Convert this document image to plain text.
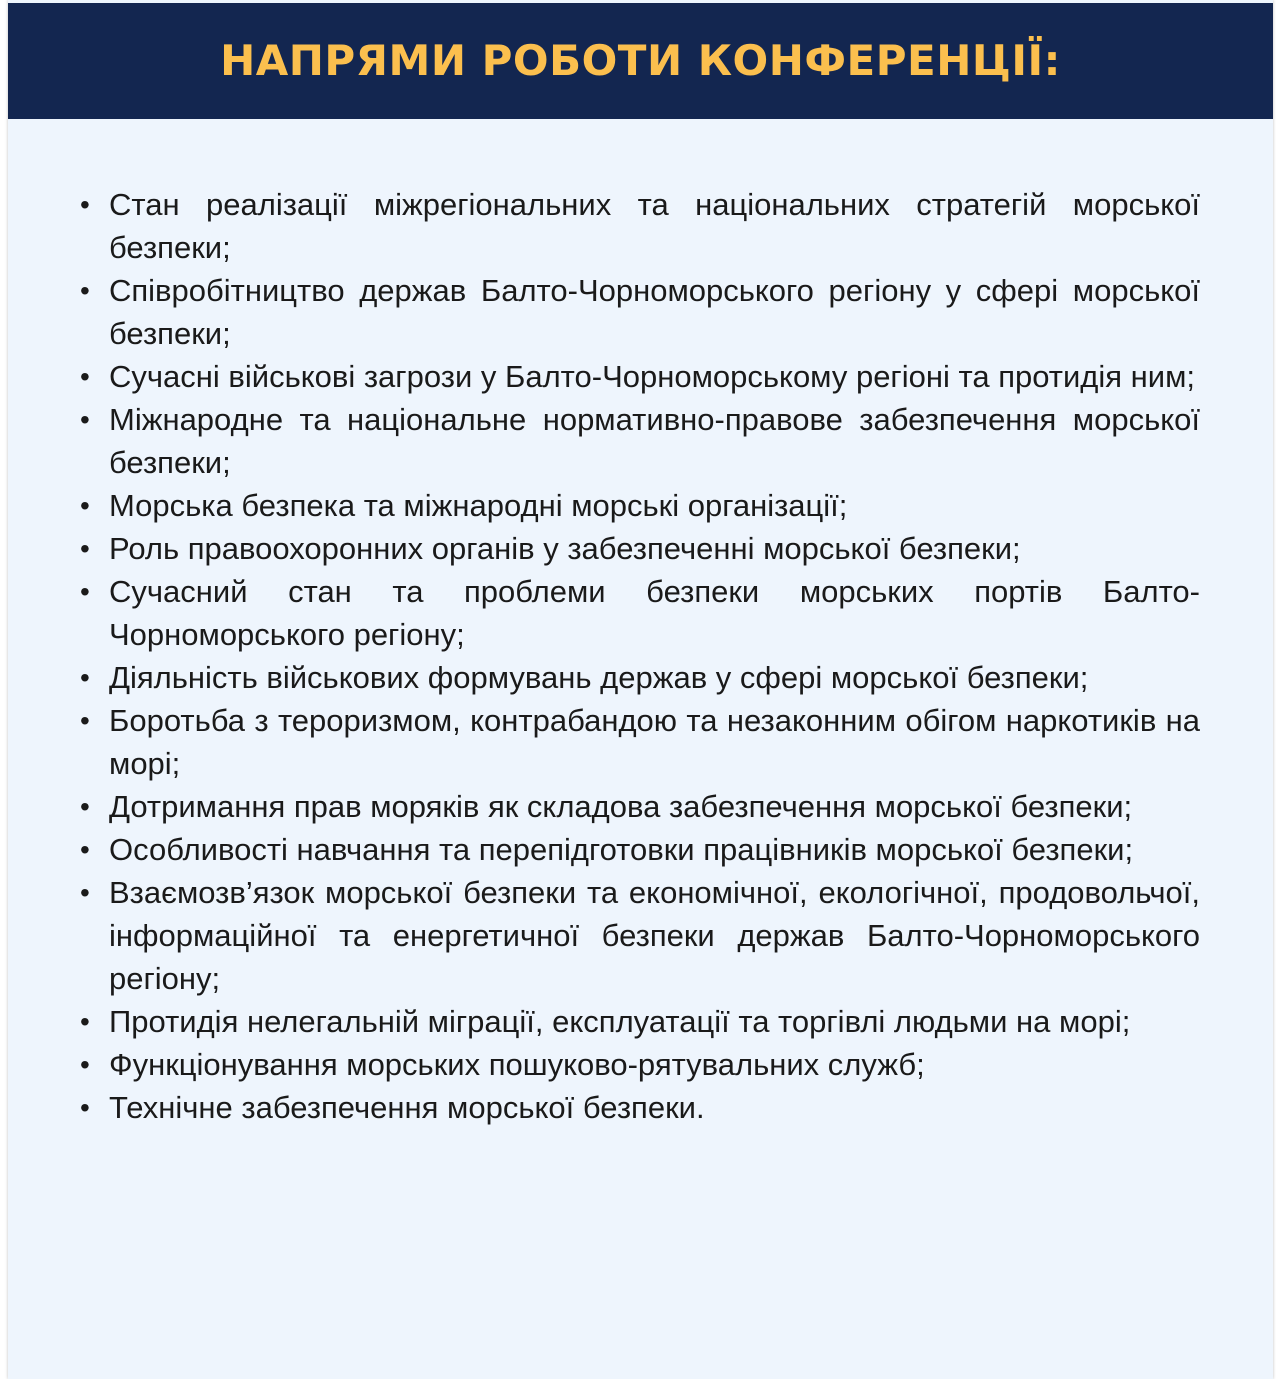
НАПРЯМИ РОБОТИ КОНФЕРЕНЦІЇ:
• Стан реалізації міжрегіональних та національних стратегій морської безпеки;
• Співробітництво держав Балто-Чорноморського регіону у сфері морської безпеки;
• Сучасні військові загрози у Балто-Чорноморському регіоні та протидія ним;
• Міжнародне та національне нормативно-правове забезпечення морської безпеки;
• Морська безпека та міжнародні морські організації;
• Роль правоохоронних органів у забезпеченні морської безпеки;
• Сучасний стан та проблеми безпеки морських портів Балто-Чорноморського регіону;
• Діяльність військових формувань держав у сфері морської безпеки;
• Боротьба з тероризмом, контрабандою та незаконним обігом наркотиків на морі;
• Дотримання прав моряків як складова забезпечення морської безпеки;
• Особливості навчання та перепідготовки працівників морської безпеки;
• Взаємозв’язок морської безпеки та економічної, екологічної, продовольчої, інформаційної та енергетичної безпеки держав Балто-Чорноморського регіону;
• Протидія нелегальній міграції, експлуатації та торгівлі людьми на морі;
• Функціонування морських пошуково-рятувальних служб;
• Технічне забезпечення морської безпеки.
